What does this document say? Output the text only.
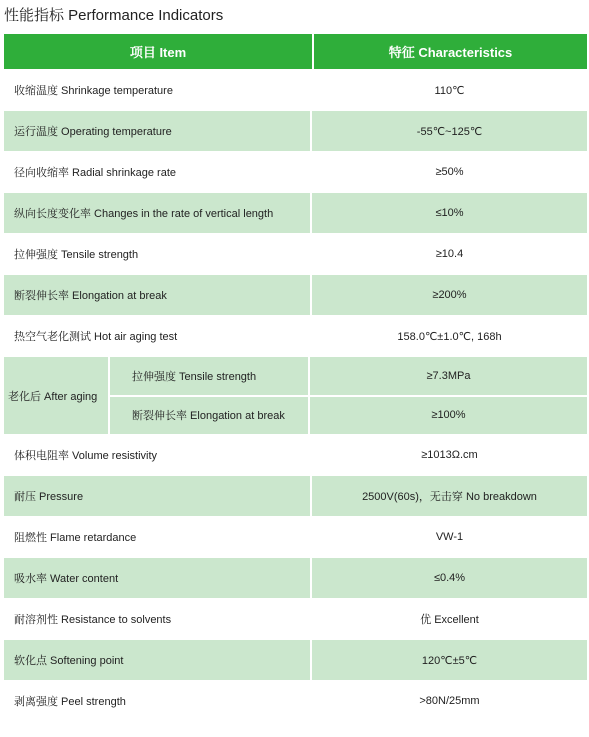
性能指标 Performance Indicators
项目 Item	特征 Characteristics
收缩温度 Shrinkage temperature	110℃
运行温度 Operating temperature	-55℃~125℃
径向收缩率 Radial shrinkage rate	≥50%
纵向长度变化率 Changes in the rate of vertical length	≤10%
拉伸强度 Tensile strength	≥10.4
断裂伸长率 Elongation at break	≥200%
热空气老化测试 Hot air aging test	158.0℃±1.0℃, 168h
老化后 After aging
拉伸强度 Tensile strength	≥7.3MPa
断裂伸长率 Elongation at break	≥100%
体积电阻率 Volume resistivity	≥1013Ω.cm
耐压 Pressure	2500V(60s)，无击穿 No breakdown
阻燃性 Flame retardance	VW-1
吸水率 Water content	≤0.4%
耐溶剂性 Resistance to solvents	优 Excellent
软化点 Softening point	120℃±5℃
剥离强度 Peel strength	>80N/25mm
